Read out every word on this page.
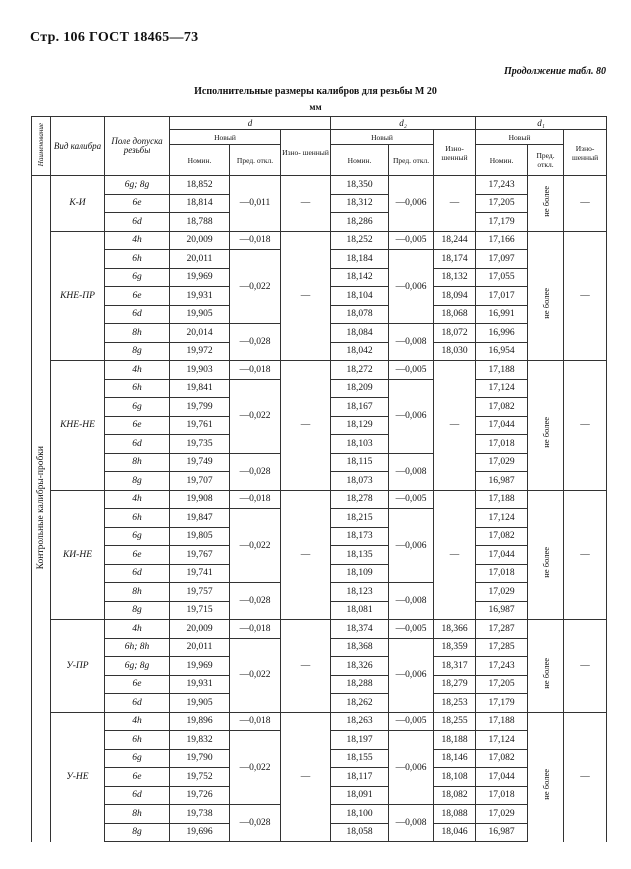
Стр. 106 ГОСТ 18465—73
Продолжение табл. 80
Исполнительные размеры калибров для резьбы М 20
мм
Наименование	Вид калибра	Поле допуска резьбы	d			d₂			d₁		
			Новый		Изно- шенный	Новый		Изно- шенный	Новый		Изно- шенный
			Номин.	Пред. откл.		Номин.	Пред. откл.		Номин.	Пред. откл.	
Контрольные калибры-пробки	К-И	6g; 8g	18,852	—0,011	—	18,350	—0,006	—	17,243	не более	—
		6e	18,814			18,312			17,205		
		6d	18,788			18,286			17,179		
	КНЕ-ПР	4h	20,009	—0,018	—	18,252	—0,005	18,244	17,166		—
		6h	20,011	—0,022		18,184	—0,006	18,174	17,097	не более	
		6g	19,969			18,142		18,132	17,055		
		6e	19,931			18,104		18,094	17,017		
		6d	19,905			18,078		18,068	16,991		
		8h	20,014	—0,028		18,084	—0,008	18,072	16,996		
		8g	19,972			18,042		18,030	16,954		
	КНЕ-НЕ	4h	19,903	—0,018	—	18,272	—0,005	—	17,188		—
		6h	19,841	—0,022		18,209	—0,006		17,124	не более	
		6g	19,799			18,167			17,082		
		6e	19,761			18,129			17,044		
		6d	19,735			18,103			17,018		
		8h	19,749	—0,028		18,115	—0,008		17,029		
		8g	19,707			18,073			16,987		
	КИ-НЕ	4h	19,908	—0,018	—	18,278	—0,005	—	17,188		—
		6h	19,847	—0,022		18,215	—0,006		17,124	не более	
		6g	19,805			18,173			17,082		
		6e	19,767			18,135			17,044		
		6d	19,741			18,109			17,018		
		8h	19,757	—0,028		18,123	—0,008		17,029		
		8g	19,715			18,081			16,987		
	У-ПР	4h	20,009	—0,018	—	18,374	—0,005	18,366	17,287		—
		6h; 8h	20,011	—0,022		18,368	—0,006	18,359	17,285	не более	
		6g; 8g	19,969			18,326		18,317	17,243		
		6e	19,931			18,288		18,279	17,205		
		6d	19,905			18,262		18,253	17,179		
	У-НЕ	4h	19,896	—0,018	—	18,263	—0,005	18,255	17,188		—
		6h	19,832	—0,022		18,197	—0,006	18,188	17,124	не более	
		6g	19,790			18,155		18,146	17,082		
		6e	19,752			18,117		18,108	17,044		
		6d	19,726			18,091		18,082	17,018		
		8h	19,738	—0,028		18,100	—0,008	18,088	17,029		
		8g	19,696			18,058		18,046	16,987		
